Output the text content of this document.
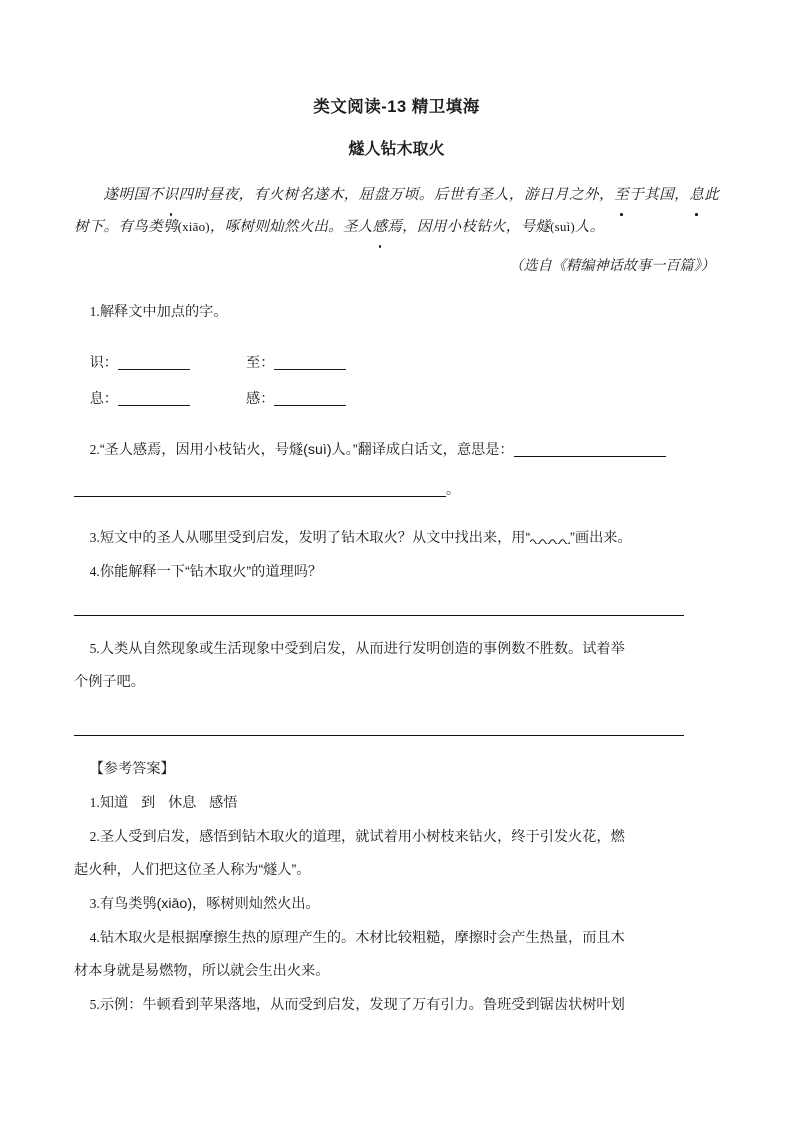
类文阅读-13 精卫填海
燧人钻木取火

遂明国不识四时昼夜，有火树名遂木，屈盘万顷。后世有圣人，游日月之外，至于其国，息此树下。有鸟类鸮(xiāo)，啄树则灿然火出。圣人感焉，因用小枝钻火，号燧(suì)人。

（选自《精编神话故事一百篇》）

1.解释文中加点的字。

识：	至：

息：	感：

2.“圣人感焉，因用小枝钻火，号燧(suì)人。”翻译成白话文，意思是：

。

3.短文中的圣人从哪里受到启发，发明了钻木取火？从文中找出来，用“	”画出来。

4.你能解释一下“钻木取火”的道理吗？

5.人类从自然现象或生活现象中受到启发，从而进行发明创造的事例数不胜数。试着举

个例子吧。

【参考答案】

1.知道 到 休息 感悟

2.圣人受到启发，感悟到钻木取火的道理，就试着用小树枝来钻火，终于引发火花，燃

起火种，人们把这位圣人称为“燧人”。

3.有鸟类鸮(xiāo)，啄树则灿然火出。

4.钻木取火是根据摩擦生热的原理产生的。木材比较粗糙，摩擦时会产生热量，而且木

材本身就是易燃物，所以就会生出火来。

5.示例：牛顿看到苹果落地，从而受到启发，发现了万有引力。鲁班受到锯齿状树叶划
